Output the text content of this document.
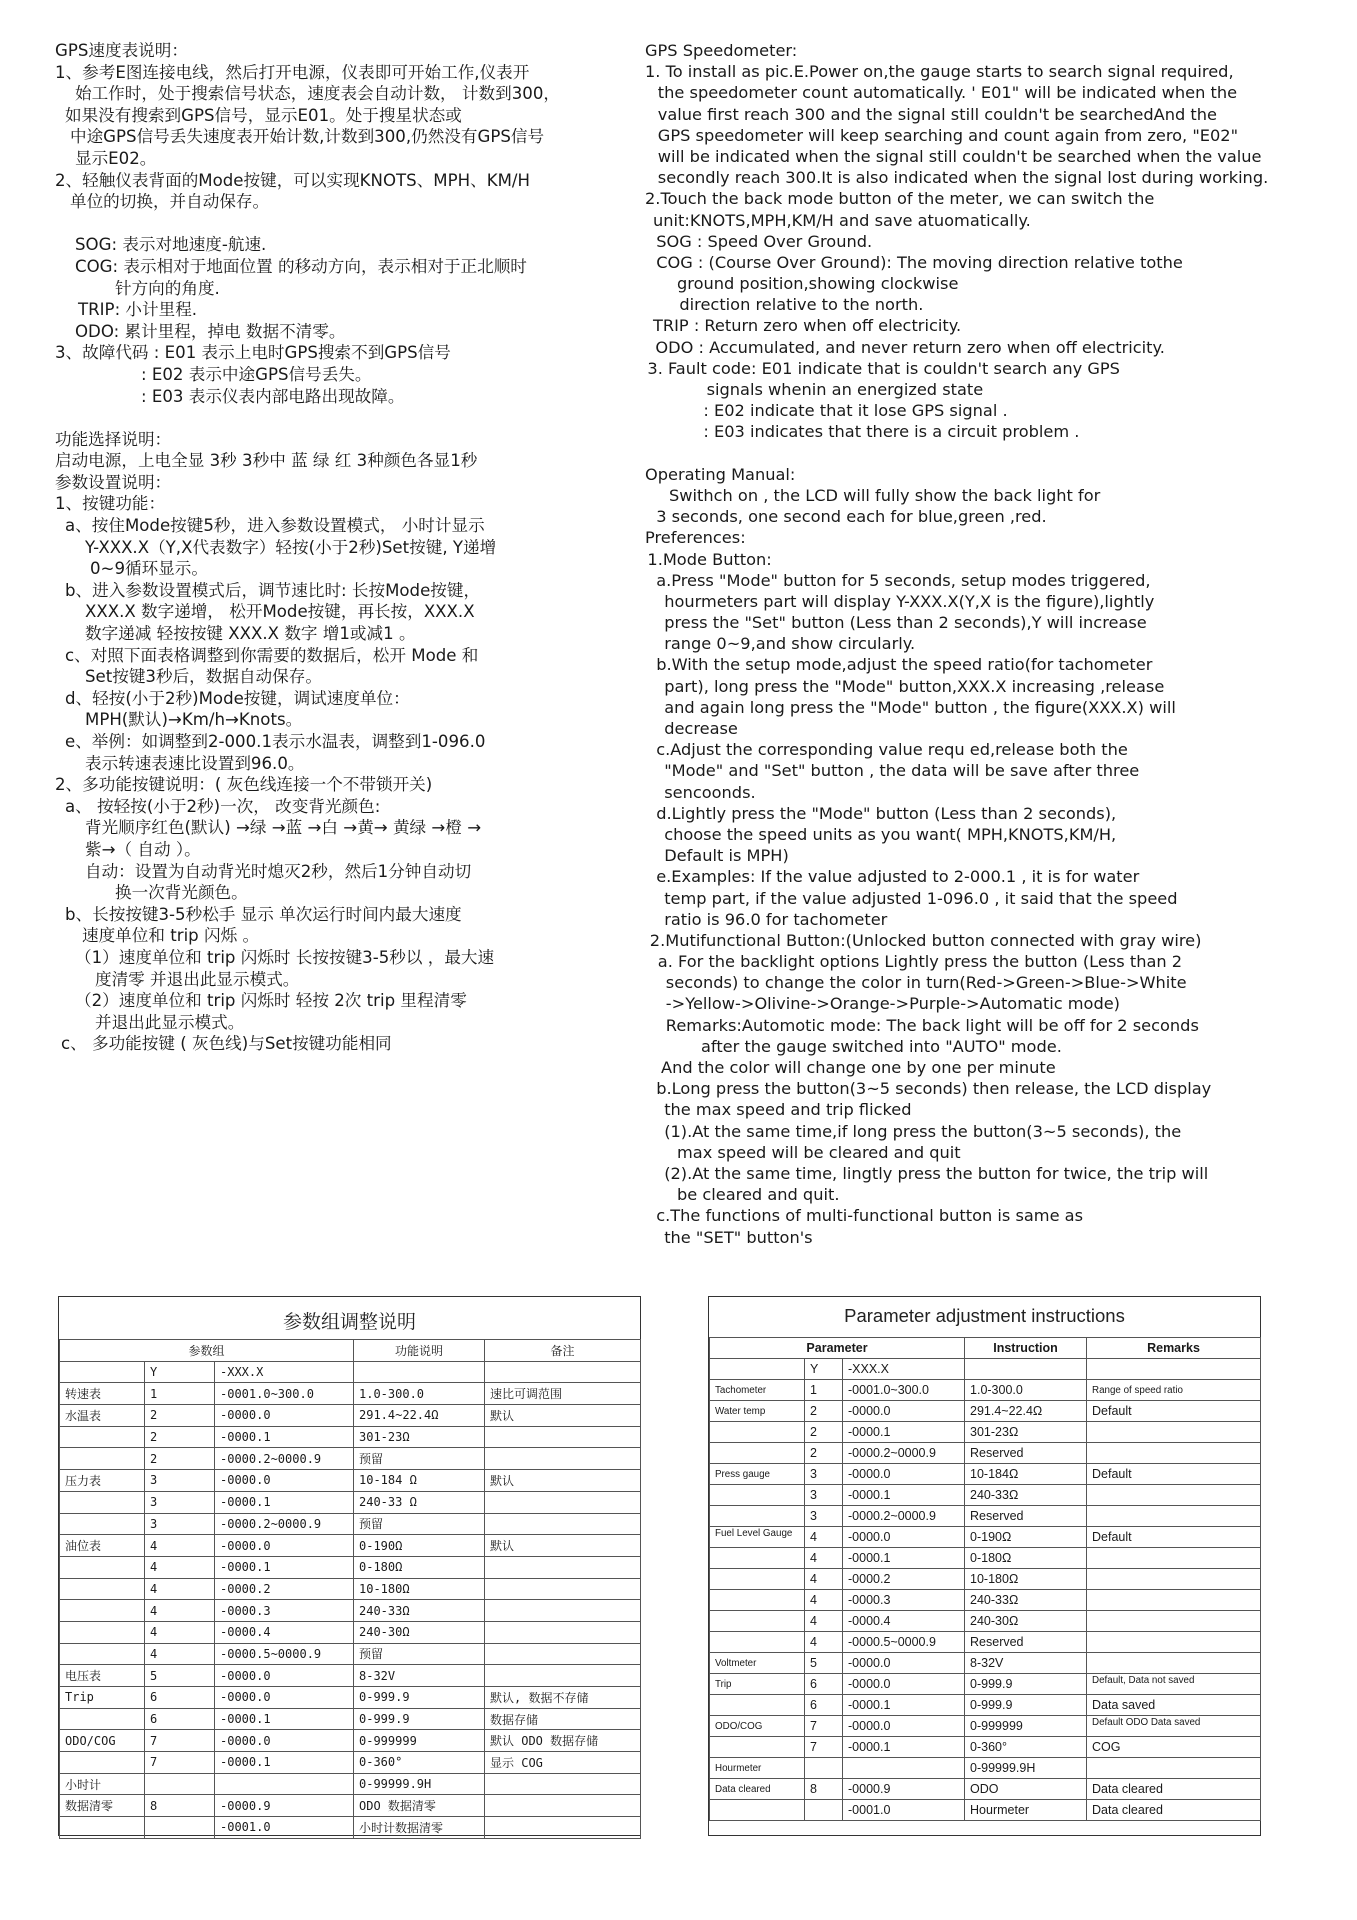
GPS速度表说明：
1、参考E图连接电线，然后打开电源，仪表即可开始工作,仪表开
始工作时，处于搜索信号状态，速度表会自动计数， 计数到300，
如果没有搜索到GPS信号，显示E01。处于搜星状态或
中途GPS信号丢失速度表开始计数,计数到300,仍然没有GPS信号
显示E02。
2、轻触仪表背面的Mode按键，可以实现KNOTS、MPH、KM/H
单位的切换，并自动保存。
SOG: 表示对地速度-航速.
COG: 表示相对于地面位置 的移动方向，表示相对于正北顺时
针方向的角度.
TRIP: 小计里程.
ODO: 累计里程，掉电 数据不清零。
3、故障代码 : E01 表示上电时GPS搜索不到GPS信号
: E02 表示中途GPS信号丢失。
: E03 表示仪表内部电路出现故障。
功能选择说明：
启动电源，上电全显 3秒 3秒中 蓝 绿 红 3种颜色各显1秒
参数设置说明：
1、按键功能：
a、按住Mode按键5秒，进入参数设置模式， 小时计显示
Y-XXX.X（Y,X代表数字）轻按(小于2秒)Set按键, Y递增
0~9循环显示。
b、进入参数设置模式后，调节速比时: 长按Mode按键，
XXX.X 数字递增， 松开Mode按键，再长按，XXX.X
数字递减 轻按按键 XXX.X 数字 增1或减1 。
c、对照下面表格调整到你需要的数据后，松开 Mode 和
Set按键3秒后，数据自动保存。
d、轻按(小于2秒)Mode按键，调试速度单位：
MPH(默认)→Km/h→Knots。
e、举例：如调整到2-000.1表示水温表，调整到1-096.0
表示转速表速比设置到96.0。
2、多功能按键说明：( 灰色线连接一个不带锁开关)
a、 按轻按(小于2秒)一次， 改变背光颜色:
背光顺序红色(默认) →绿 →蓝 →白 →黄→ 黄绿 →橙 →
紫→（ 自动 ）。
自动：设置为自动背光时熄灭2秒，然后1分钟自动切
换一次背光颜色。
b、长按按键3-5秒松手 显示 单次运行时间内最大速度
速度单位和 trip 闪烁 。
（1）速度单位和 trip 闪烁时 长按按键3-5秒以 ，最大速
度清零 并退出此显示模式。
（2）速度单位和 trip 闪烁时 轻按 2次 trip 里程清零
并退出此显示模式。
c、 多功能按键 ( 灰色线)与Set按键功能相同
GPS Speedometer:
1. To install as pic.E.Power on,the gauge starts to search signal required,
the speedometer count automatically. ' E01" will be indicated when the
value first reach 300 and the signal still couldn't be searchedAnd the
GPS speedometer will keep searching and count again from zero, "E02"
will be indicated when the signal still couldn't be searched when the value
secondly reach 300.It is also indicated when the signal lost during working.
2.Touch the back mode button of the meter, we can switch the
unit:KNOTS,MPH,KM/H and save atuomatically.
SOG : Speed Over Ground.
COG : (Course Over Ground): The moving direction relative tothe
ground position,showing clockwise
direction relative to the north.
TRIP : Return zero when off electricity.
ODO : Accumulated, and never return zero when off electricity.
3. Fault code: E01 indicate that is couldn't search any GPS
signals whenin an energized state
: E02 indicate that it lose GPS signal .
: E03 indicates that there is a circuit problem .
Operating Manual:
Swithch on , the LCD will fully show the back light for
3 seconds, one second each for blue,green ,red.
Preferences:
1.Mode Button:
a.Press "Mode" button for 5 seconds, setup modes triggered,
hourmeters part will display Y-XXX.X(Y,X is the figure),lightly
press the "Set" button (Less than 2 seconds),Y will increase
range 0~9,and show circularly.
b.With the setup mode,adjust the speed ratio(for tachometer
part), long press the "Mode" button,XXX.X increasing ,release
and again long press the "Mode" button , the figure(XXX.X) will
decrease
c.Adjust the corresponding value requ ed,release both the
"Mode" and "Set" button , the data will be save after three
sencoonds.
d.Lightly press the "Mode" button (Less than 2 seconds),
choose the speed units as you want( MPH,KNOTS,KM/H,
Default is MPH)
e.Examples: If the value adjusted to 2-000.1 , it is for water
temp part, if the value adjusted 1-096.0 , it said that the speed
ratio is 96.0 for tachometer
2.Mutifunctional Button:(Unlocked button connected with gray wire)
a. For the backlight options Lightly press the button (Less than 2
seconds) to change the color in turn(Red->Green->Blue->White
->Yellow->Olivine->Orange->Purple->Automatic mode)
Remarks:Automotic mode: The back light will be off for 2 seconds
after the gauge switched into "AUTO" mode.
And the color will change one by one per minute
b.Long press the button(3~5 seconds) then release, the LCD display
the max speed and trip flicked
(1).At the same time,if long press the button(3~5 seconds), the
max speed will be cleared and quit
(2).At the same time, lingtly press the button for twice, the trip will
be cleared and quit.
c.The functions of multi-functional button is same as
the "SET" button's
参数组调整说明
参数组			功能说明	备注
	Y	-XXX.X		
转速表	1	-0001.0~300.0	1.0-300.0	速比可调范围
水温表	2	-0000.0	291.4~22.4Ω	默认
	2	-0000.1	301-23Ω	
	2	-0000.2~0000.9	预留	
压力表	3	-0000.0	10-184 Ω	默认
	3	-0000.1	240-33 Ω	
	3	-0000.2~0000.9	预留	
油位表	4	-0000.0	0-190Ω	默认
	4	-0000.1	0-180Ω	
	4	-0000.2	10-180Ω	
	4	-0000.3	240-33Ω	
	4	-0000.4	240-30Ω	
	4	-0000.5~0000.9	预留	
电压表	5	-0000.0	8-32V	
Trip	6	-0000.0	0-999.9	默认, 数据不存储
	6	-0000.1	0-999.9	数据存储
ODO/COG	7	-0000.0	0-999999	默认 ODO 数据存储
	7	-0000.1	0-360°	显示 COG
小时计			0-99999.9H	
数据清零	8	-0000.9	ODO 数据清零	
		-0001.0	小时计数据清零	
Parameter adjustment instructions
Parameter			Instruction	Remarks
	Y	-XXX.X		
Tachometer	1	-0001.0~300.0	1.0-300.0	Range of speed ratio
Water temp	2	-0000.0	291.4~22.4Ω	Default
	2	-0000.1	301-23Ω	
	2	-0000.2~0000.9	Reserved	
Press gauge	3	-0000.0	10-184Ω	Default
	3	-0000.1	240-33Ω	
	3	-0000.2~0000.9	Reserved	
Fuel Level Gauge	4	-0000.0	0-190Ω	Default
	4	-0000.1	0-180Ω	
	4	-0000.2	10-180Ω	
	4	-0000.3	240-33Ω	
	4	-0000.4	240-30Ω	
	4	-0000.5~0000.9	Reserved	
Voltmeter	5	-0000.0	8-32V	
Trip	6	-0000.0	0-999.9	Default, Data not saved
	6	-0000.1	0-999.9	Data saved
ODO/COG	7	-0000.0	0-999999	Default ODO Data saved
	7	-0000.1	0-360°	COG
Hourmeter			0-99999.9H	
Data cleared	8	-0000.9	ODO	Data cleared
		-0001.0	Hourmeter	Data cleared
